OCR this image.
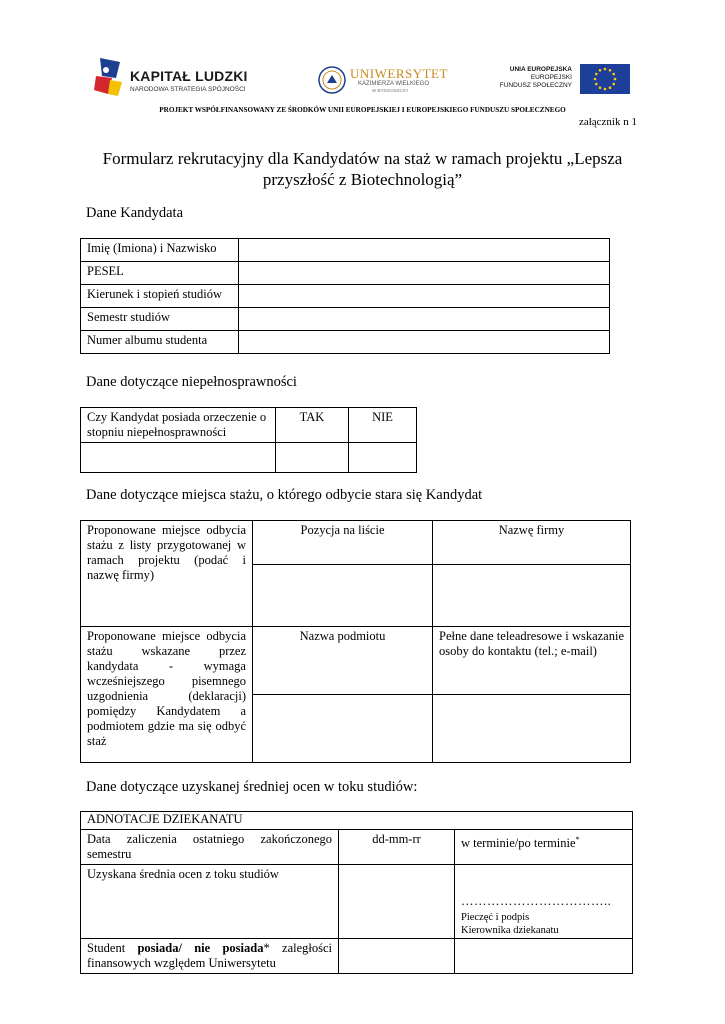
KAPITAŁ LUDZKI
NARODOWA STRATEGIA SPÓJNOŚCI
UNIWERSYTET
KAZIMIERZA WIELKIEGO
W BYDGOSZCZY
UNIA EUROPEJSKA
EUROPEJSKI
FUNDUSZ SPOŁECZNY
PROJEKT WSPÓŁFINANSOWANY ZE ŚRODKÓW UNII EUROPEJSKIEJ I EUROPEJSKIEGO FUNDUSZU SPOŁECZNEGO
załącznik n 1
Formularz rekrutacyjny dla Kandydatów na staż w ramach projektu „Lepsza
przyszłość z Biotechnologią”
Dane Kandydata
Imię (Imiona) i Nazwisko	
PESEL	
Kierunek i stopień studiów	
Semestr studiów	
Numer albumu studenta	
Dane dotyczące niepełnosprawności
Czy Kandydat posiada orzeczenie o stopniu niepełnosprawności	TAK	NIE

Dane dotyczące miejsca stażu, o którego odbycie stara się Kandydat
Proponowane miejsce odbycia stażu z listy przygotowanej w ramach projektu (podać i nazwę firmy)	Pozycja na liście	Nazwę firmy

Proponowane miejsce odbycia stażu wskazane przez kandydata - wymaga wcześniejszego pisemnego uzgodnienia (deklaracji) pomiędzy Kandydatem a podmiotem gdzie ma się odbyć staż	Nazwa podmiotu	Pełne dane teleadresowe i wskazanie osoby do kontaktu (tel.; e-mail)

Dane dotyczące uzyskanej średniej ocen w toku studiów:
ADNOTACJE DZIEKANATU		
Data zaliczenia ostatniego zakończonego semestru	dd-mm-rr	w terminie/po terminie*
Uzyskana średnia ocen z toku studiów		……………………………..
Pieczęć i podpis
Kierownika dziekanatu

Student posiada/ nie posiada* zaległości finansowych względem Uniwersytetu		
